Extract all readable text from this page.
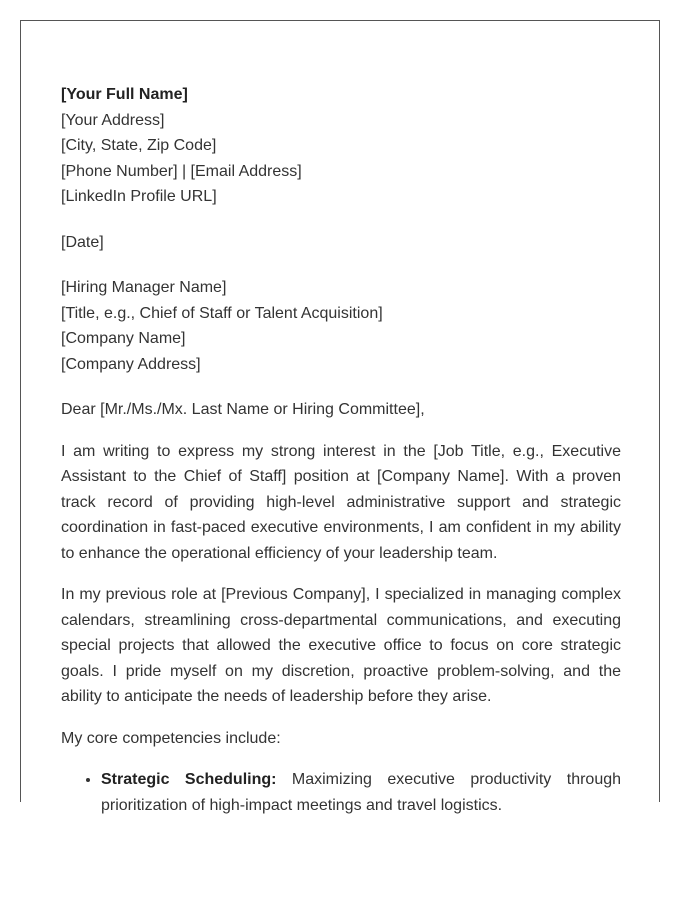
[Your Full Name]
[Your Address]
[City, State, Zip Code]
[Phone Number] | [Email Address]
[LinkedIn Profile URL]
[Date]
[Hiring Manager Name]
[Title, e.g., Chief of Staff or Talent Acquisition]
[Company Name]
[Company Address]
Dear [Mr./Ms./Mx. Last Name or Hiring Committee],

I am writing to express my strong interest in the [Job Title, e.g., Executive Assistant to the Chief of Staff] position at [Company Name]. With a proven track record of providing high-level administrative support and strategic coordination in fast-paced executive environments, I am confident in my ability to enhance the operational efficiency of your leadership team.

In my previous role at [Previous Company], I specialized in managing complex calendars, streamlining cross-departmental communications, and executing special projects that allowed the executive office to focus on core strategic goals. I pride myself on my discretion, proactive problem-solving, and the ability to anticipate the needs of leadership before they arise.

My core competencies include:

• Strategic Scheduling: Maximizing executive productivity through prioritization of high-impact meetings and travel logistics.
